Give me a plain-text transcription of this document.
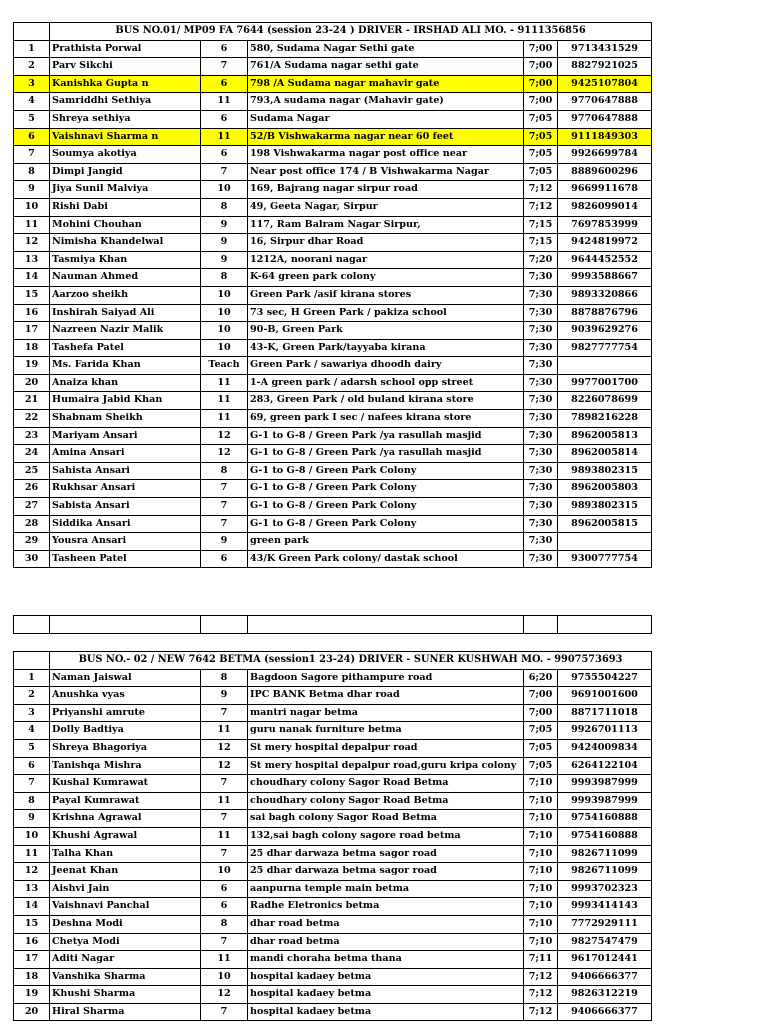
	BUS NO.01/ MP09 FA 7644 (session 23-24 ) DRIVER - IRSHAD ALI MO. - 9111356856				
1	Prathista Porwal	6	580, Sudama Nagar Sethi gate	7;00	9713431529
2	Parv Sikchi	7	761/A Sudama nagar sethi gate	7;00	8827921025
3	Kanishka Gupta n	6	798 /A Sudama nagar mahavir gate	7;00	9425107804
4	Samriddhi Sethiya	11	793,A sudama nagar (Mahavir gate)	7;00	9770647888
5	Shreya sethiya	6	Sudama Nagar	7;05	9770647888
6	Vaishnavi Sharma n	11	52/B Vishwakarma nagar near 60 feet	7;05	9111849303
7	Soumya akotiya	6	198 Vishwakarma nagar post office near	7;05	9926699784
8	Dimpi Jangid	7	Near post office 174 / B Vishwakarma Nagar	7;05	8889600296
9	Jiya Sunil Malviya	10	169, Bajrang nagar sirpur road	7;12	9669911678
10	Rishi Dabi	8	49, Geeta Nagar, Sirpur	7;12	9826099014
11	Mohini Chouhan	9	117, Ram Balram Nagar Sirpur,	7;15	7697853999
12	Nimisha Khandelwal	9	16, Sirpur dhar Road	7;15	9424819972
13	Tasmiya Khan	9	1212A, noorani nagar	7;20	9644452552
14	Nauman Ahmed	8	K-64 green park colony	7;30	9993588667
15	Aarzoo sheikh	10	Green Park /asif kirana stores	7;30	9893320866
16	Inshirah Saiyad Ali	10	73 sec, H Green Park / pakiza school	7;30	8878876796
17	Nazreen Nazir Malik	10	90-B, Green Park	7;30	9039629276
18	Tashefa Patel	10	43-K, Green Park/tayyaba kirana	7;30	9827777754
19	Ms. Farida Khan	Teach	Green Park / sawariya dhoodh dairy	7;30	
20	Anaiza khan	11	1-A green park / adarsh school opp street	7;30	9977001700
21	Humaira Jabid Khan	11	283, Green Park / old buland kirana store	7;30	8226078699
22	Shabnam Sheikh	11	69, green park I sec / nafees kirana store	7;30	7898216228
23	Mariyam Ansari	12	G-1 to G-8 / Green Park /ya rasullah masjid	7;30	8962005813
24	Amina Ansari	12	G-1 to G-8 / Green Park /ya rasullah masjid	7;30	8962005814
25	Sahista Ansari	8	G-1 to G-8 / Green Park Colony	7;30	9893802315
26	Rukhsar Ansari	7	G-1 to G-8 / Green Park Colony	7;30	8962005803
27	Sabista Ansari	7	G-1 to G-8 / Green Park Colony	7;30	9893802315
28	Siddika Ansari	7	G-1 to G-8 / Green Park Colony	7;30	8962005815
29	Yousra Ansari	9	green park	7;30	
30	Tasheen Patel	6	43/K Green Park colony/ dastak school	7;30	9300777754

	BUS NO.- 02 / NEW 7642 BETMA (session1 23-24) DRIVER - SUNER KUSHWAH MO. - 9907573693				
1	Naman Jaiswal	8	Bagdoon Sagore pithampure road	6;20	9755504227
2	Anushka vyas	9	IPC BANK Betma dhar road	7;00	9691001600
3	Priyanshi amrute	7	mantri nagar betma	7;00	8871711018
4	Dolly Badtiya	11	guru nanak furniture betma	7;05	9926701113
5	Shreya Bhagoriya	12	St mery hospital depalpur road	7;05	9424009834
6	Tanishqa Mishra	12	St mery hospital depalpur road,guru kripa colony	7;05	6264122104
7	Kushal Kumrawat	7	choudhary colony Sagor Road Betma	7;10	9993987999
8	Payal Kumrawat	11	choudhary colony Sagor Road Betma	7;10	9993987999
9	Krishna Agrawal	7	sai bagh colony Sagor Road Betma	7;10	9754160888
10	Khushi Agrawal	11	132,sai bagh colony sagore road betma	7;10	9754160888
11	Talha Khan	7	25 dhar darwaza betma sagor road	7;10	9826711099
12	Jeenat Khan	10	25 dhar darwaza betma sagor road	7;10	9826711099
13	Aishvi Jain	6	aanpurna temple main betma	7;10	9993702323
14	Vaishnavi Panchal	6	Radhe Eletronics betma	7;10	9993414143
15	Deshna Modi	8	dhar road betma	7;10	7772929111
16	Chetya Modi	7	dhar road betma	7;10	9827547479
17	Aditi Nagar	11	mandi choraha betma thana	7;11	9617012441
18	Vanshika Sharma	10	hospital kadaey betma	7;12	9406666377
19	Khushi Sharma	12	hospital kadaey betma	7;12	9826312219
20	Hiral Sharma	7	hospital kadaey betma	7;12	9406666377
